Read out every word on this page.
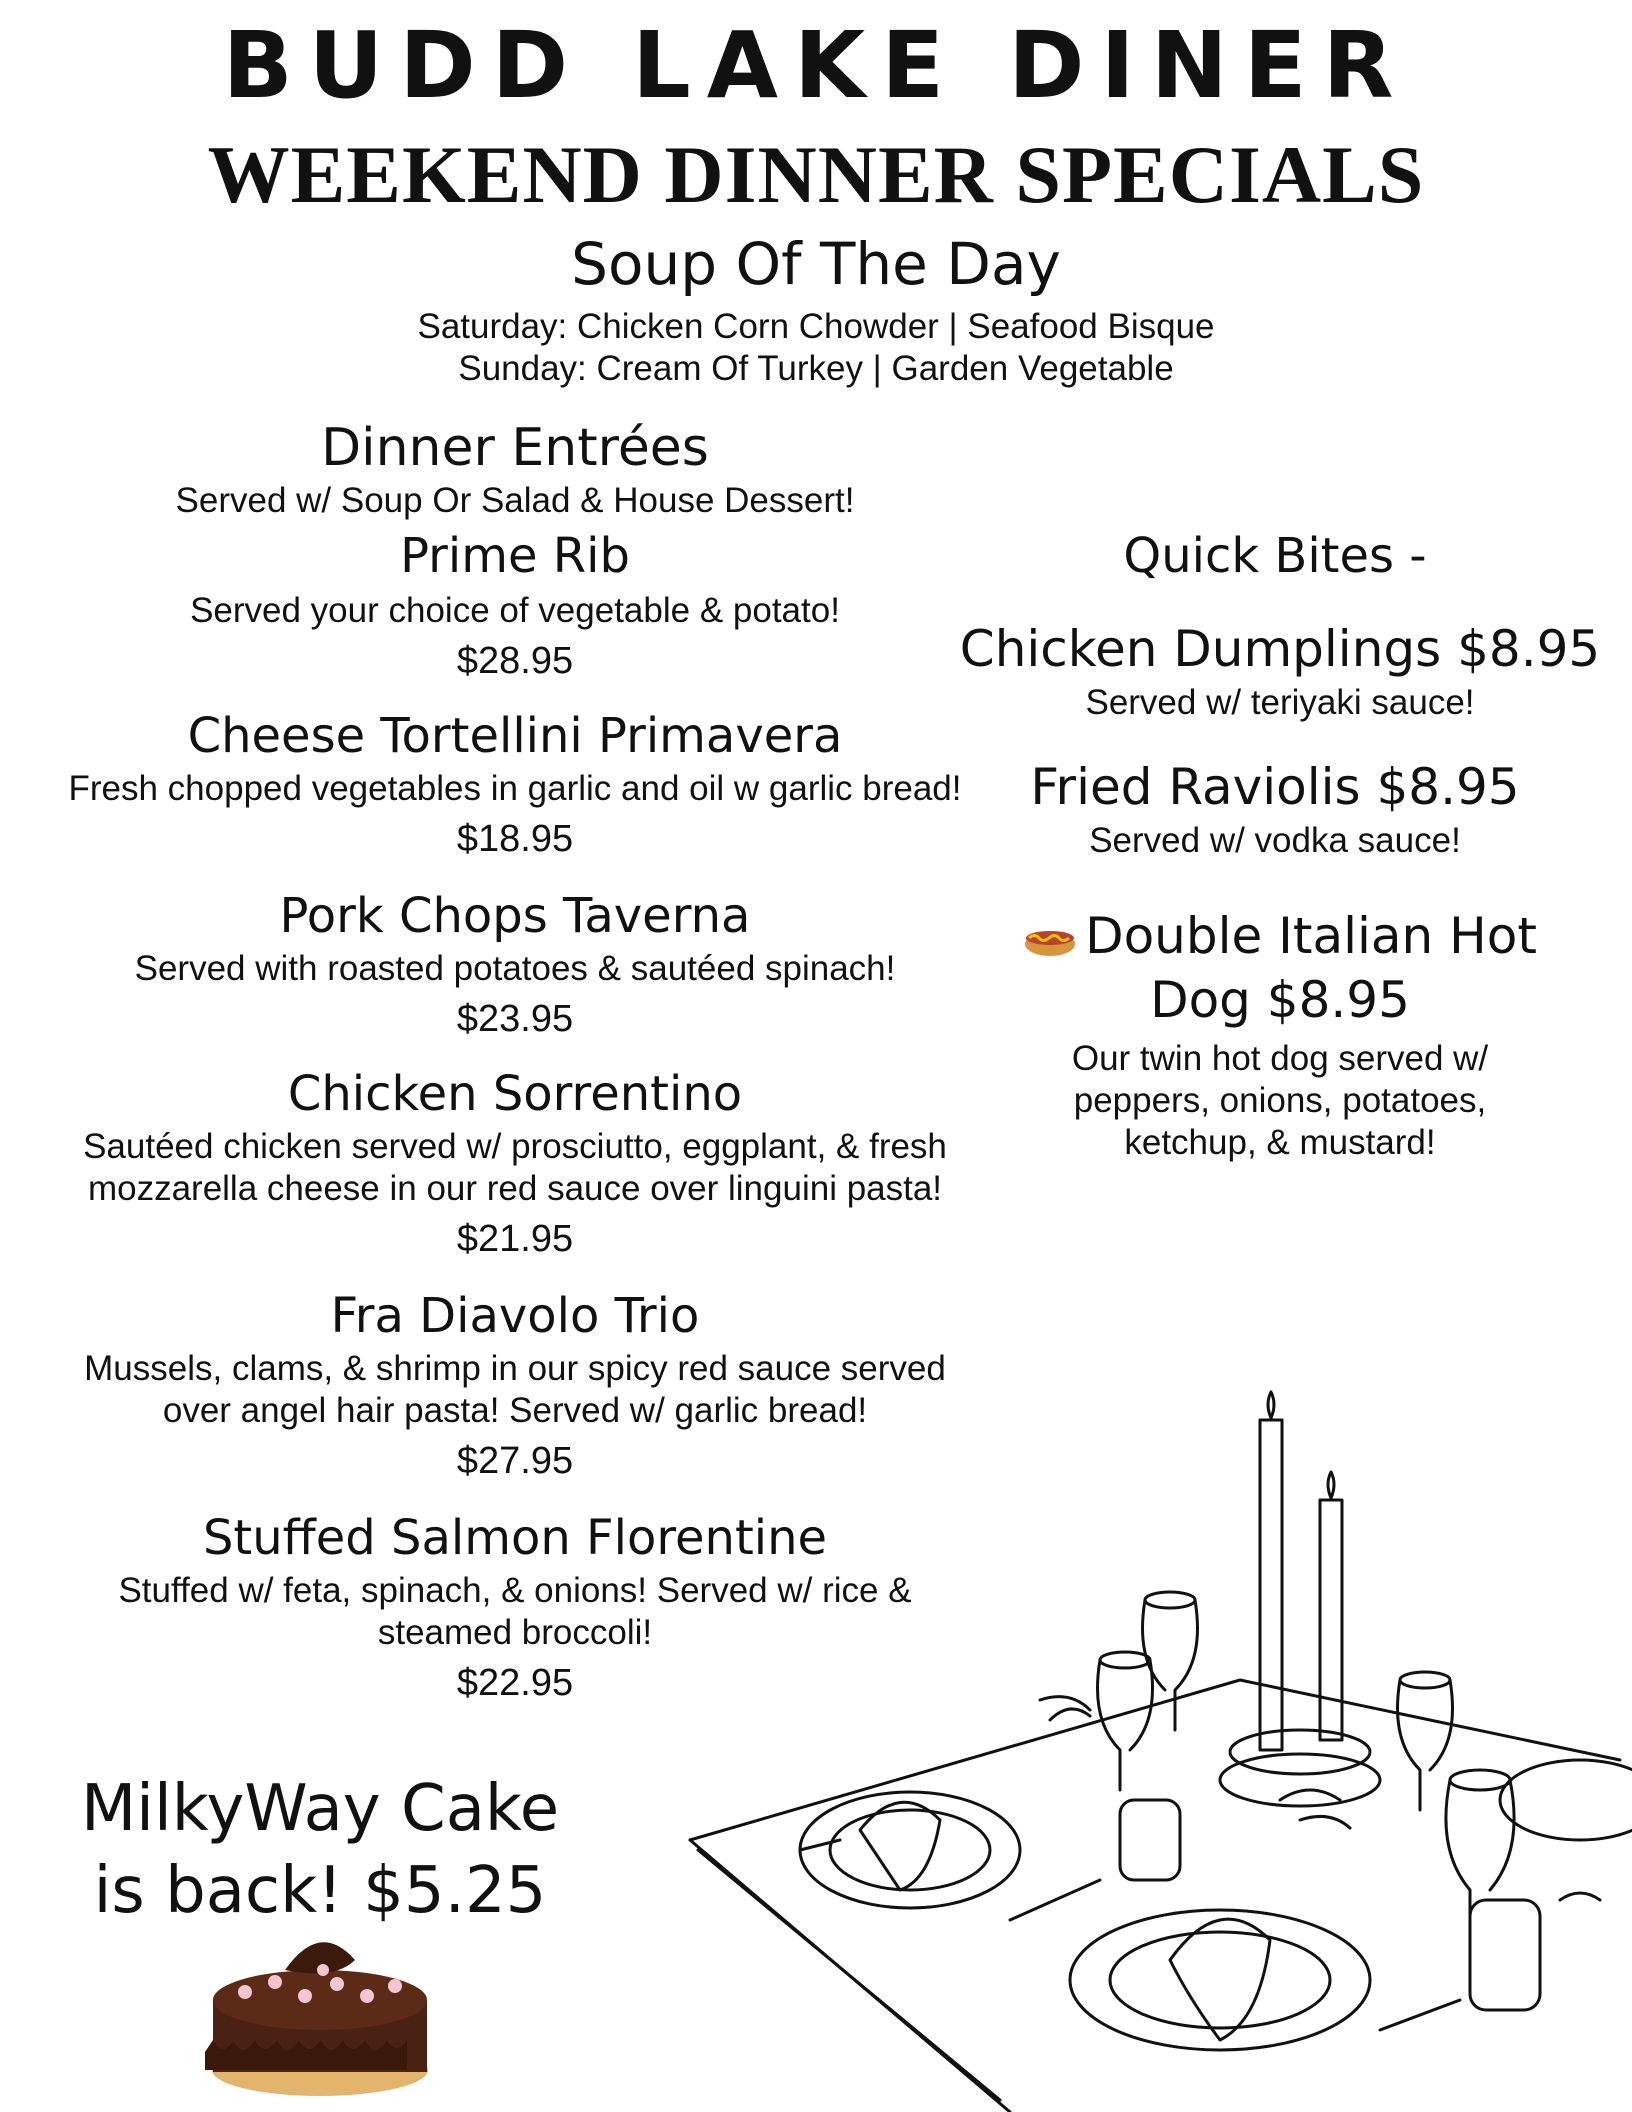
BUDD LAKE DINER
WEEKEND DINNER SPECIALS
Soup Of The Day
Saturday: Chicken Corn Chowder | Seafood Bisque
Sunday: Cream Of Turkey | Garden Vegetable
Dinner Entrées
Served w/ Soup Or Salad & House Dessert!
Prime Rib
Served your choice of vegetable & potato!
$28.95
Cheese Tortellini Primavera
Fresh chopped vegetables in garlic and oil w garlic bread!
$18.95
Pork Chops Taverna
Served with roasted potatoes & sautéed spinach!
$23.95
Chicken Sorrentino
Sautéed chicken served w/ prosciutto, eggplant, & fresh mozzarella cheese in our red sauce over linguini pasta!
$21.95
Fra Diavolo Trio
Mussels, clams, & shrimp in our spicy red sauce served over angel hair pasta! Served w/ garlic bread!
$27.95
Stuffed Salmon Florentine
Stuffed w/ feta, spinach, & onions! Served w/ rice & steamed broccoli!
$22.95
Quick Bites -
Chicken Dumplings $8.95
Served w/ teriyaki sauce!
Fried Raviolis $8.95
Served w/ vodka sauce!
Double Italian Hot Dog $8.95
Our twin hot dog served w/ peppers, onions, potatoes, ketchup, & mustard!
MilkyWay Cake
is back! $5.25
